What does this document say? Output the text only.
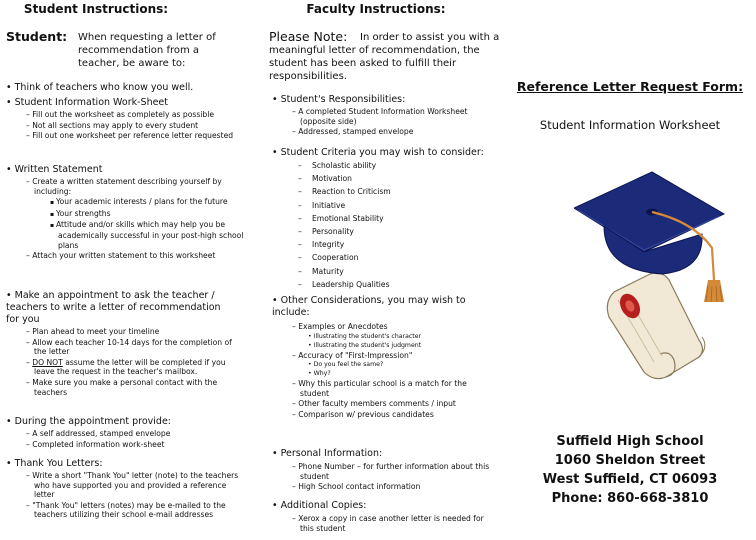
Student Instructions:
Student: When requesting a letter of recommendation from a teacher, be aware to:
• Think of teachers who know you well.
• Student Information Work-Sheet
– Fill out the worksheet as completely as possible
– Not all sections may apply to every student
– Fill out one worksheet per reference letter requested
• Written Statement
– Create a written statement describing yourself by including:
▪ Your academic interests / plans for the future
▪ Your strengths
▪ Attitude and/or skills which may help you be academically successful in your post-high school plans
– Attach your written statement to this worksheet
• Make an appointment to ask the teacher / teachers to write a letter of recommendation for you
– Plan ahead to meet your timeline
– Allow each teacher 10-14 days for the completion of the letter
– DO NOT assume the letter will be completed if you leave the request in the teacher's mailbox.
– Make sure you make a personal contact with the teachers
• During the appointment provide:
– A self addressed, stamped envelope
– Completed information work-sheet
• Thank You Letters:
– Write a short "Thank You" letter (note) to the teachers who have supported you and provided a reference letter
– "Thank You" letters (notes) may be e-mailed to the teachers utilizing their school e-mail addresses
Faculty Instructions:
Please Note: In order to assist you with a
meaningful letter of recommendation, the student has been asked to fulfill their responsibilities.
• Student's Responsibilities:
– A completed Student Information Worksheet (opposite side)
– Addressed, stamped envelope
• Student Criteria you may wish to consider:
– Scholastic ability
– Motivation
– Reaction to Criticism
– Initiative
– Emotional Stability
– Personality
– Integrity
– Cooperation
– Maturity
– Leadership Qualities
• Other Considerations, you may wish to include:
– Examples or Anecdotes
• Illustrating the student's character
• Illustrating the student's judgment
– Accuracy of "First-Impression"
• Do you feel the same?
• Why?
– Why this particular school is a match for the student
– Other faculty members comments / input
– Comparison w/ previous candidates
• Personal Information:
– Phone Number – for further information about this student
– High School contact information
• Additional Copies:
– Xerox a copy in case another letter is needed for this student
Reference Letter Request Form:
Student Information Worksheet
Suffield High School
1060 Sheldon Street
West Suffield, CT 06093
Phone: 860-668-3810
